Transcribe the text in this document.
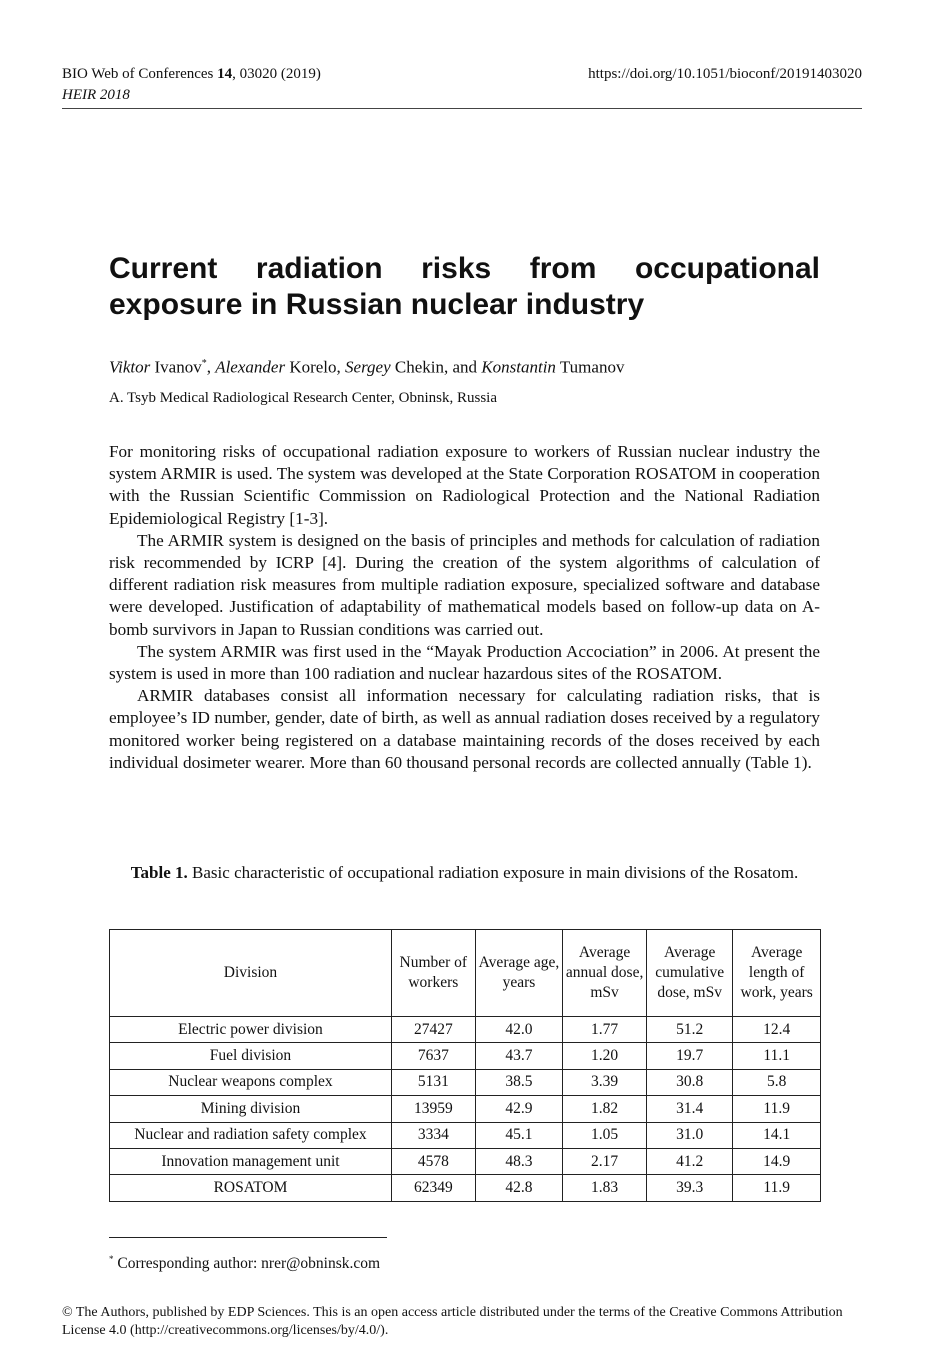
BIO Web of Conferences 14, 03020 (2019)
HEIR 2018
https://doi.org/10.1051/bioconf/20191403020
Current radiation risks from occupational
exposure in Russian nuclear industry
Viktor Ivanov*, Alexander Korelo, Sergey Chekin, and Konstantin Tumanov
A. Tsyb Medical Radiological Research Center, Obninsk, Russia

For monitoring risks of occupational radiation exposure to workers of Russian nuclear industry the system ARMIR is used. The system was developed at the State Corporation ROSATOM in cooperation with the Russian Scientific Commission on Radiological Protection and the National Radiation Epidemiological Registry [1-3].

The ARMIR system is designed on the basis of principles and methods for calculation of radiation risk recommended by ICRP [4]. During the creation of the system algorithms of calculation of different radiation risk measures from multiple radiation exposure, specialized software and database were developed. Justification of adaptability of mathematical models based on follow-up data on A-bomb survivors in Japan to Russian conditions was carried out.

The system ARMIR was first used in the “Mayak Production Accociation” in 2006. At present the system is used in more than 100 radiation and nuclear hazardous sites of the ROSATOM.

ARMIR databases consist all information necessary for calculating radiation risks, that is employee’s ID number, gender, date of birth, as well as annual radiation doses received by a regulatory monitored worker being registered on a database maintaining records of the doses received by each individual dosimeter wearer. More than 60 thousand personal records are collected annually (Table 1).

Table 1. Basic characteristic of occupational radiation exposure in main divisions of the Rosatom.
Division	Number of workers	Average age, years	Average annual dose, mSv	Average cumulative dose, mSv	Average length of work, years
Electric power division	27427	42.0	1.77	51.2	12.4
Fuel division	7637	43.7	1.20	19.7	11.1
Nuclear weapons complex	5131	38.5	3.39	30.8	5.8
Mining division	13959	42.9	1.82	31.4	11.9
Nuclear and radiation safety complex	3334	45.1	1.05	31.0	14.1
Innovation management unit	4578	48.3	2.17	41.2	14.9
ROSATOM	62349	42.8	1.83	39.3	11.9
* Corresponding author: nrer@obninsk.com
© The Authors, published by EDP Sciences. This is an open access article distributed under the terms of the Creative Commons Attribution License 4.0 (http://creativecommons.org/licenses/by/4.0/).
